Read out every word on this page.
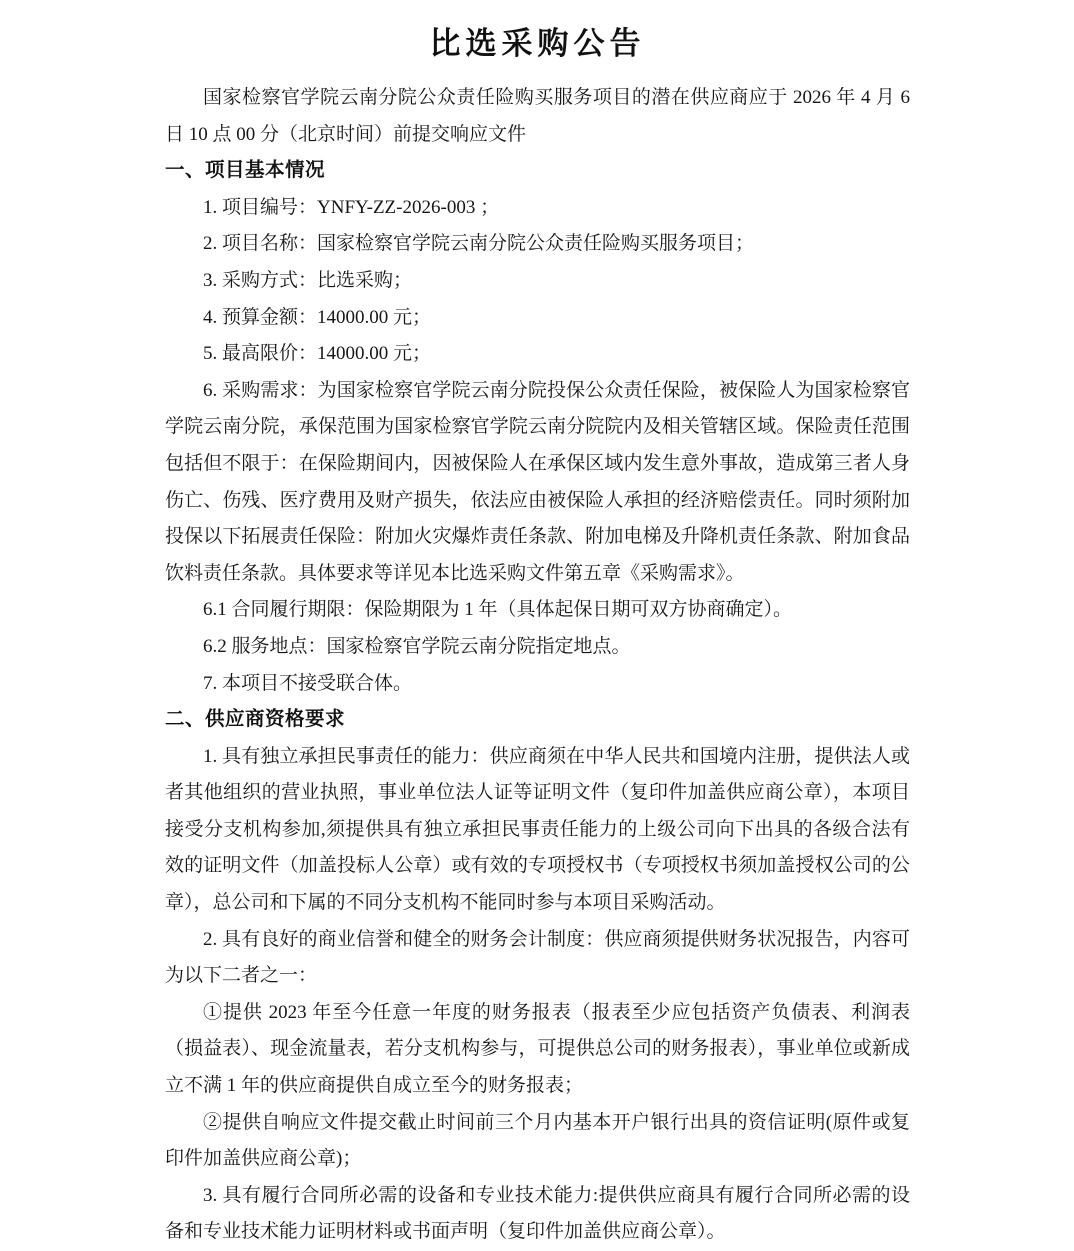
比选采购公告

国家检察官学院云南分院公众责任险购买服务项目的潜在供应商应于 2026 年 4 月 6 日 10 点 00 分（北京时间）前提交响应文件

一、项目基本情况

1. 项目编号：YNFY-ZZ-2026-003 ；

2. 项目名称：国家检察官学院云南分院公众责任险购买服务项目；

3. 采购方式：比选采购；

4. 预算金额：14000.00 元；

5. 最高限价：14000.00 元；

6. 采购需求：为国家检察官学院云南分院投保公众责任保险，被保险人为国家检察官学院云南分院，承保范围为国家检察官学院云南分院院内及相关管辖区域。保险责任范围包括但不限于：在保险期间内，因被保险人在承保区域内发生意外事故，造成第三者人身伤亡、伤残、医疗费用及财产损失，依法应由被保险人承担的经济赔偿责任。同时须附加投保以下拓展责任保险：附加火灾爆炸责任条款、附加电梯及升降机责任条款、附加食品饮料责任条款。具体要求等详见本比选采购文件第五章《采购需求》。

6.1 合同履行期限：保险期限为 1 年（具体起保日期可双方协商确定）。

6.2 服务地点：国家检察官学院云南分院指定地点。

7. 本项目不接受联合体。

二、供应商资格要求

1. 具有独立承担民事责任的能力：供应商须在中华人民共和国境内注册，提供法人或者其他组织的营业执照，事业单位法人证等证明文件（复印件加盖供应商公章），本项目接受分支机构参加,须提供具有独立承担民事责任能力的上级公司向下出具的各级合法有效的证明文件（加盖投标人公章）或有效的专项授权书（专项授权书须加盖授权公司的公章），总公司和下属的不同分支机构不能同时参与本项目采购活动。

2. 具有良好的商业信誉和健全的财务会计制度：供应商须提供财务状况报告，内容可为以下二者之一：

①提供 2023 年至今任意一年度的财务报表（报表至少应包括资产负债表、利润表（损益表）、现金流量表，若分支机构参与，可提供总公司的财务报表），事业单位或新成立不满 1 年的供应商提供自成立至今的财务报表；

②提供自响应文件提交截止时间前三个月内基本开户银行出具的资信证明(原件或复印件加盖供应商公章)；

3. 具有履行合同所必需的设备和专业技术能力:提供供应商具有履行合同所必需的设备和专业技术能力证明材料或书面声明（复印件加盖供应商公章）。
